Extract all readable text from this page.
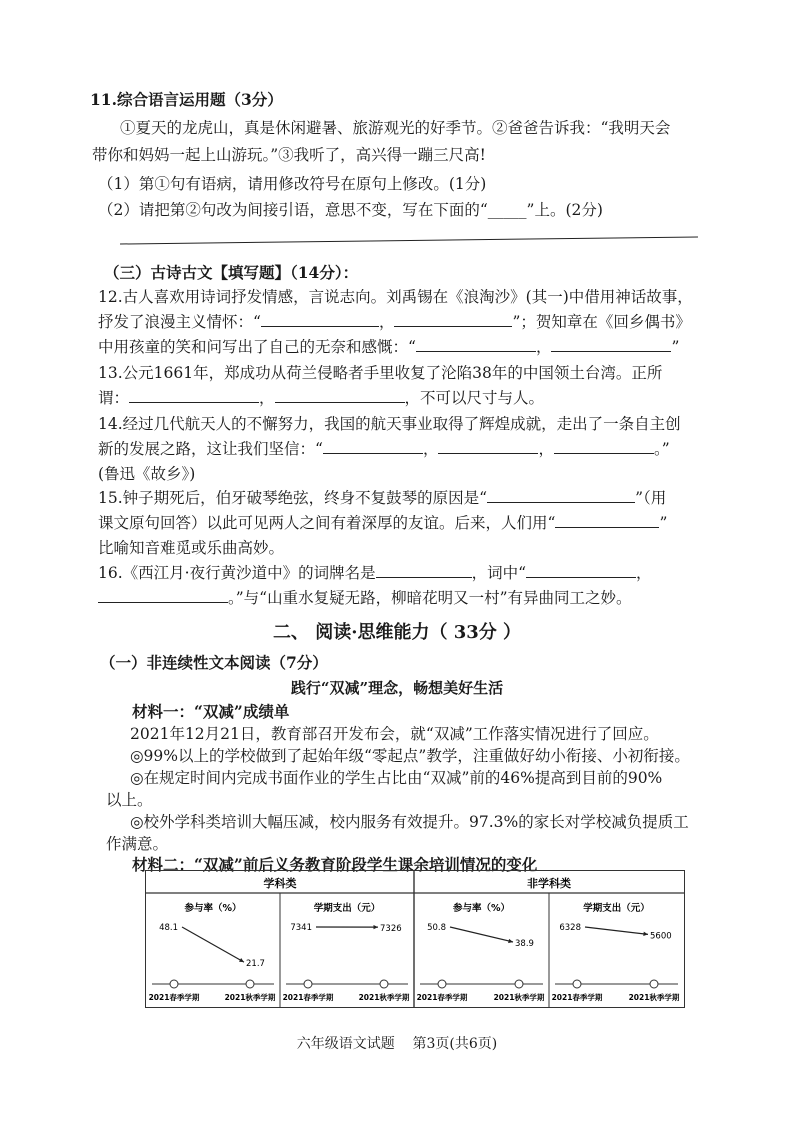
11.综合语言运用题（3分）
①夏天的龙虎山，真是休闲避暑、旅游观光的好季节。②爸爸告诉我：“我明天会
带你和妈妈一起上山游玩。”③我听了，高兴得一蹦三尺高!
（1）第①句有语病，请用修改符号在原句上修改。(1分)
（2）请把第②句改为间接引语，意思不变，写在下面的“_____”上。(2分)
（三）古诗古文【填写题】（14分）：
12.古人喜欢用诗词抒发情感，言说志向。刘禹锡在《浪淘沙》(其一)中借用神话故事，
抒发了浪漫主义情怀：“	，	”；贺知章在《回乡偶书》
中用孩童的笑和问写出了自己的无奈和感慨：“	，	”
13.公元1661年，郑成功从荷兰侵略者手里收复了沦陷38年的中国领土台湾。正所
谓：	，	，不可以尺寸与人。
14.经过几代航天人的不懈努力，我国的航天事业取得了辉煌成就，走出了一条自主创
新的发展之路，这让我们坚信：“	，	，	。”
(鲁迅《故乡》)
15.钟子期死后，伯牙破琴绝弦，终身不复鼓琴的原因是“	”（用
课文原句回答）以此可见两人之间有着深厚的友谊。后来，人们用“	”
比喻知音难觅或乐曲高妙。
16.《西江月·夜行黄沙道中》的词牌名是	，词中“	，
。”与“山重水复疑无路，柳暗花明又一村”有异曲同工之妙。
二、 阅读·思维能力（ 33分 ）
（一）非连续性文本阅读（7分）
践行“双减”理念，畅想美好生活
材料一：“双减”成绩单
2021年12月21日，教育部召开发布会，就“双减”工作落实情况进行了回应。
◎99%以上的学校做到了起始年级“零起点”教学，注重做好幼小衔接、小初衔接。
◎在规定时间内完成书面作业的学生占比由“双减”前的46%提高到目前的90%
以上。
◎校外学科类培训大幅压减，校内服务有效提升。97.3%的家长对学校减负提质工
作满意。
材料二：“双减”前后义务教育阶段学生课余培训情况的变化
学科类	非学科类
参与率（%）
2021春季学期	2021秋季学期
48.1
21.7
学期支出（元）
2021春季学期	2021秋季学期
7341	7326
参与率（%）
2021春季学期	2021秋季学期
50.8
38.9
学期支出（元）
2021春季学期	2021秋季学期
6328
5600
六年级语文试题    第3页(共6页)
